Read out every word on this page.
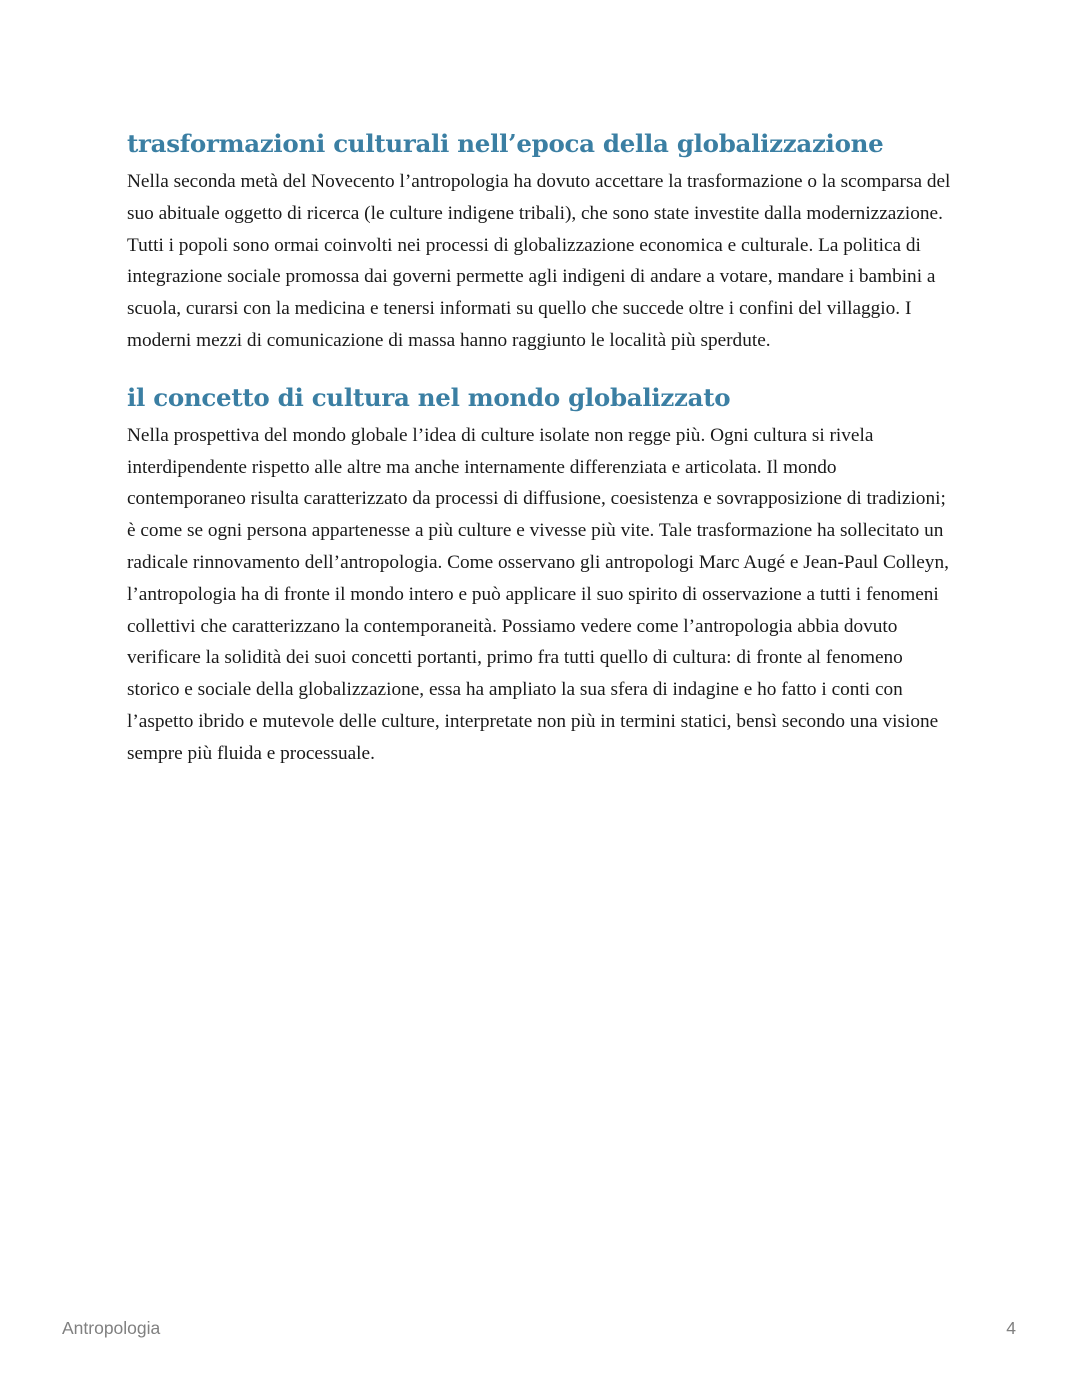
trasformazioni culturali nell’epoca della globalizzazione

Nella seconda metà del Novecento l’antropologia ha dovuto accettare la trasformazione o la scomparsa del suo abituale oggetto di ricerca (le culture indigene tribali), che sono state investite dalla modernizzazione. Tutti i popoli sono ormai coinvolti nei processi di globalizzazione economica e culturale. La politica di integrazione sociale promossa dai governi permette agli indigeni di andare a votare, mandare i bambini a scuola, curarsi con la medicina e tenersi informati su quello che succede oltre i confini del villaggio. I moderni mezzi di comunicazione di massa hanno raggiunto le località più sperdute.

il concetto di cultura nel mondo globalizzato

Nella prospettiva del mondo globale l’idea di culture isolate non regge più. Ogni cultura si rivela interdipendente rispetto alle altre ma anche internamente differenziata e articolata. Il mondo contemporaneo risulta caratterizzato da processi di diffusione, coesistenza e sovrapposizione di tradizioni; è come se ogni persona appartenesse a più culture e vivesse più vite. Tale trasformazione ha sollecitato un radicale rinnovamento dell’antropologia. Come osservano gli antropologi Marc Augé e Jean-Paul Colleyn, l’antropologia ha di fronte il mondo intero e può applicare il suo spirito di osservazione a tutti i fenomeni collettivi che caratterizzano la contemporaneità. Possiamo vedere come l’antropologia abbia dovuto verificare la solidità dei suoi concetti portanti, primo fra tutti quello di cultura: di fronte al fenomeno storico e sociale della globalizzazione, essa ha ampliato la sua sfera di indagine e ho fatto i conti con l’aspetto ibrido e mutevole delle culture, interpretate non più in termini statici, bensì secondo una visione sempre più fluida e processuale.

Antropologia	4
